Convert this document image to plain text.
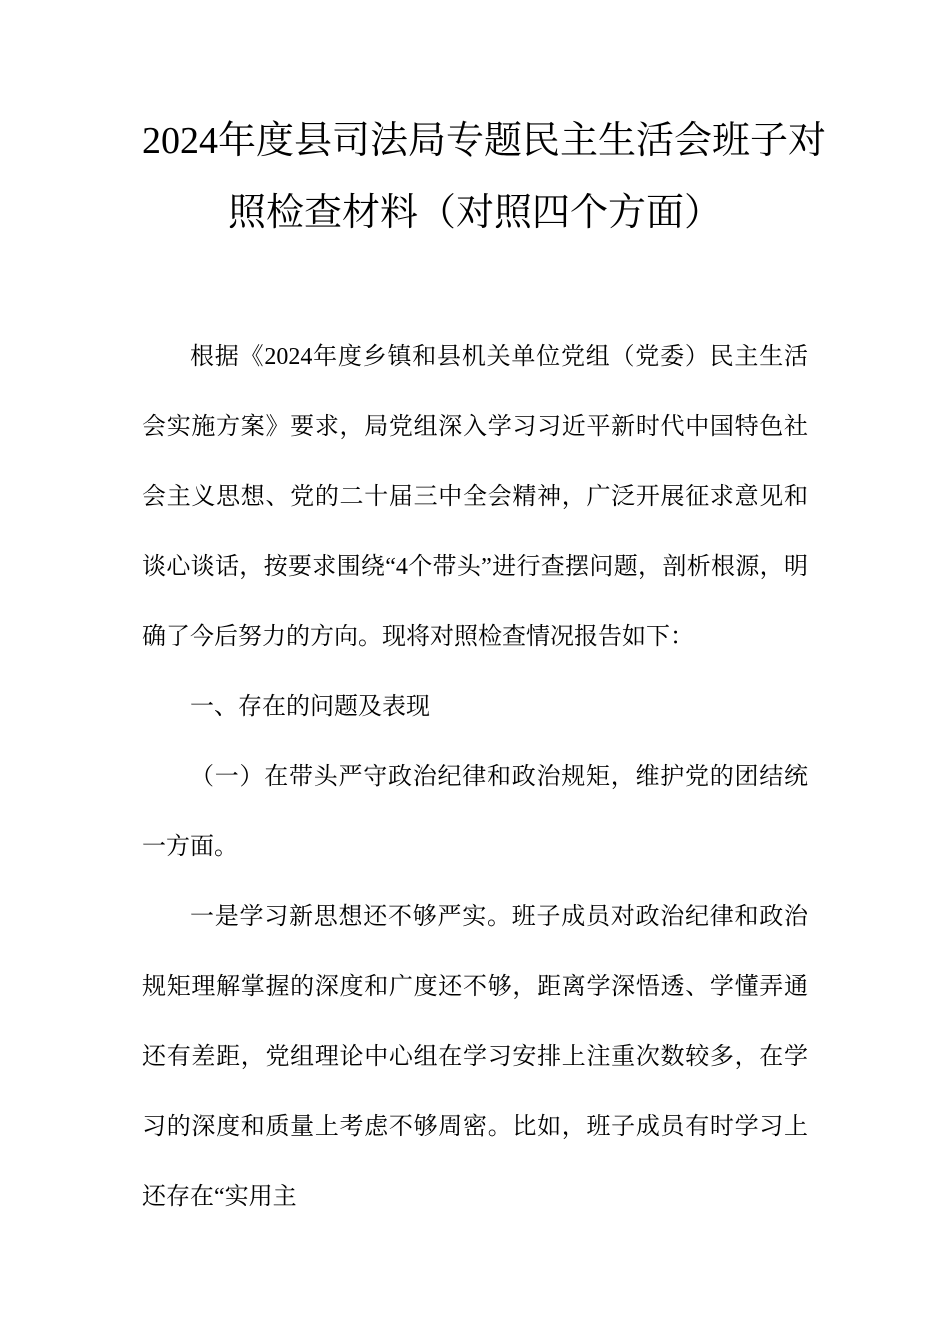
2024年度县司法局专题民主生活会班子对
照检查材料（对照四个方面）

根据《2024年度乡镇和县机关单位党组（党委）民主生活会实施方案》要求，局党组深入学习习近平新时代中国特色社会主义思想、党的二十届三中全会精神，广泛开展征求意见和谈心谈话，按要求围绕“4个带头”进行查摆问题，剖析根源，明确了今后努力的方向。现将对照检查情况报告如下：

一、存在的问题及表现

（一）在带头严守政治纪律和政治规矩，维护党的团结统一方面。

一是学习新思想还不够严实。班子成员对政治纪律和政治规矩理解掌握的深度和广度还不够，距离学深悟透、学懂弄通还有差距，党组理论中心组在学习安排上注重次数较多，在学习的深度和质量上考虑不够周密。比如，班子成员有时学习上还存在“实用主
